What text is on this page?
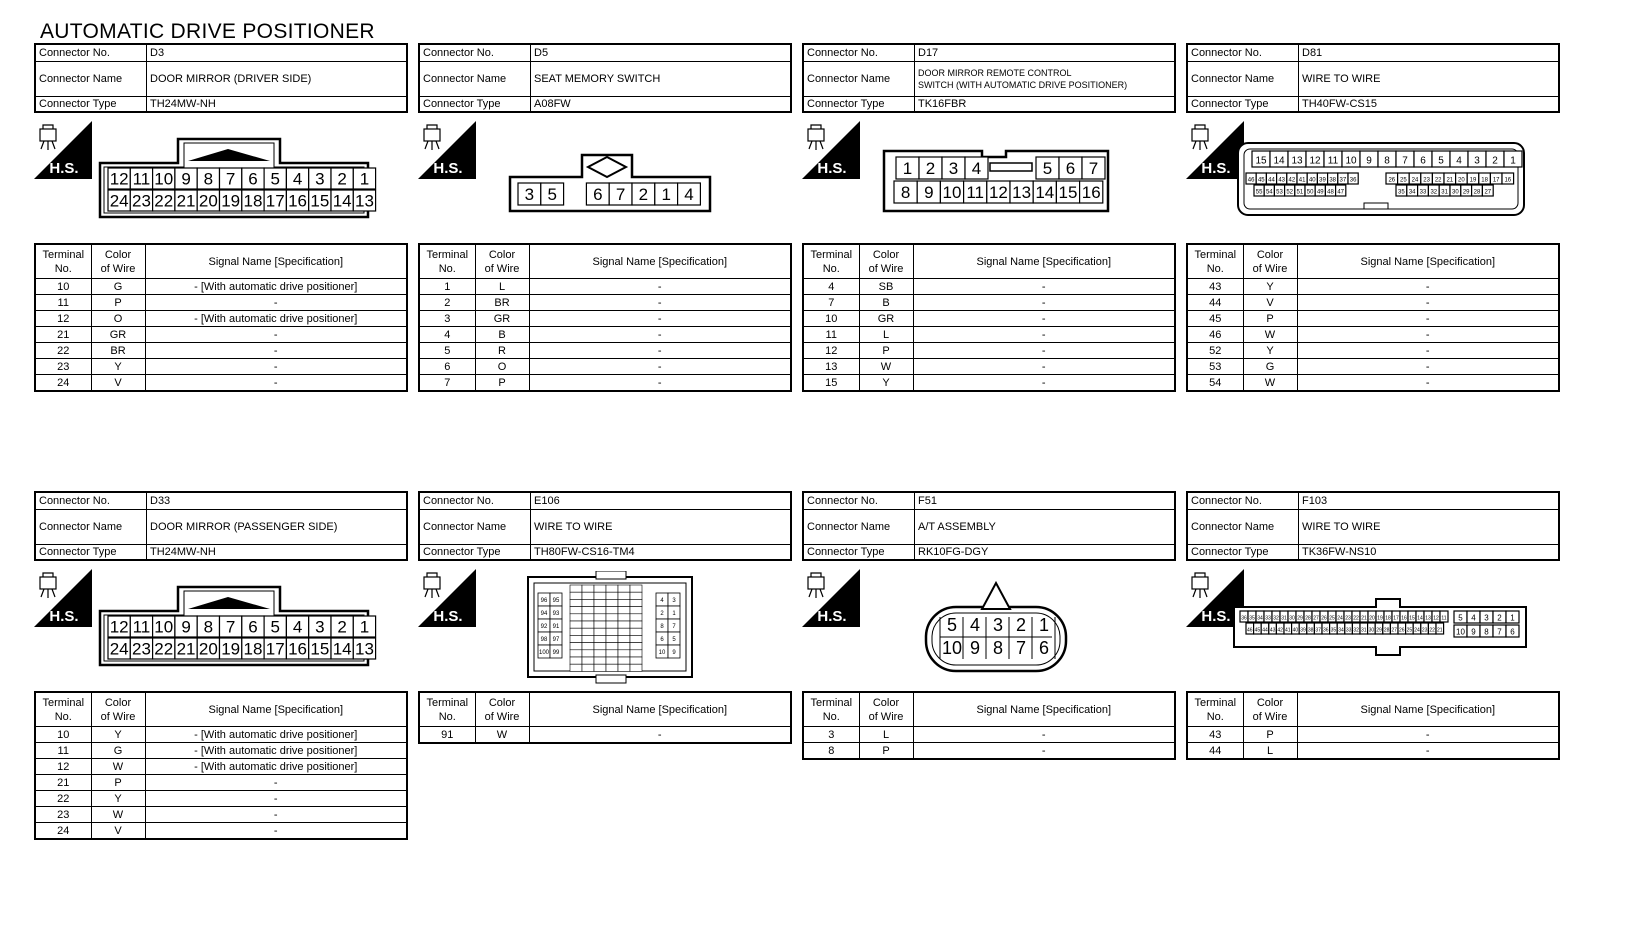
AUTOMATIC DRIVE POSITIONER
Connector No.	D3
Connector Name	DOOR MIRROR (DRIVER SIDE)
Connector Type	TH24MW-NH
H.S.
12 11 10 9 8 7 6 5 4 3 2 1
24 23 22 21 20 19 18 17 16 15 14 13
Terminal
No.	Color
of Wire	Signal Name [Specification]
10	G	- [With automatic drive positioner]
11	P	-
12	O	- [With automatic drive positioner]
21	GR	-
22	BR	-
23	Y	-
24	V	-
Connector No.	D5
Connector Name	SEAT MEMORY SWITCH
Connector Type	A08FW
H.S.
3 5 6 7 2 1 4
Terminal
No.	Color
of Wire	Signal Name [Specification]
1	L	-
2	BR	-
3	GR	-
4	B	-
5	R	-
6	O	-
7	P	-
Connector No.	D17
Connector Name	DOOR MIRROR REMOTE CONTROL
SWITCH (WITH AUTOMATIC DRIVE POSITIONER)
Connector Type	TK16FBR
H.S.	1 2 3 4	5 6 7
8 9 10 11 12 13 14 15 16
Terminal
No.	Color
of Wire	Signal Name [Specification]
4	SB	-
7	B	-
10	GR	-
11	L	-
12	P	-
13	W	-
15	Y	-
Connector No.	D81
Connector Name	WIRE TO WIRE
Connector Type	TH40FW-CS15
H.S. 15 14 13 12 11 10 9 8 7 6 5 4 3 2 1
46 45 44 43 42 41 40 39 38 37 36	26 25 24 23 22 21 20 19 18 17 16
55 54 53 52 51 50 49 48 47	35 34 33 32 31 30 29 28 27
Terminal
No.	Color
of Wire	Signal Name [Specification]
43	Y	-
44	V	-
45	P	-
46	W	-
52	Y	-
53	G	-
54	W	-
Connector No.	D33
Connector Name	DOOR MIRROR (PASSENGER SIDE)
Connector Type	TH24MW-NH
H.S.
12 11 10 9 8 7 6 5 4 3 2 1
24 23 22 21 20 19 18 17 16 15 14 13
Terminal
No.	Color
of Wire	Signal Name [Specification]
10	Y	- [With automatic drive positioner]
11	G	- [With automatic drive positioner]
12	W	- [With automatic drive positioner]
21	P	-
22	Y	-
23	W	-
24	V	-
Connector No.	E106
Connector Name	WIRE TO WIRE
Connector Type	TH80FW-CS16-TM4
H.S.
96 95
94 93
92 91
98 97
100 99
4 3
2 1
8 7
6 5
10 9
Terminal
No.	Color
of Wire	Signal Name [Specification]
91	W	-
Connector No.	F51
Connector Name	A/T ASSEMBLY
Connector Type	RK10FG-DGY
H.S.	5 4 3 2 1
10 9 8 7 6
Terminal
No.	Color
of Wire	Signal Name [Specification]
3	L	-
8	P	-
Connector No.	F103
Connector Name	WIRE TO WIRE
Connector Type	TK36FW-NS10
H.S. 36 35 34 33 32 31 30 29 28 27 26 25 24 23 22 21 20 19 18 17 16 15 14 13 12 11
46 45 44 43 42 41 40 39 38 37 36 35 34 33 32 31 30 29 28 27 26 25 24 23 22 21
5 4 3 2 1
10 9 8 7 6
Terminal
No.	Color
of Wire	Signal Name [Specification]
43	P	-
44	L	-
